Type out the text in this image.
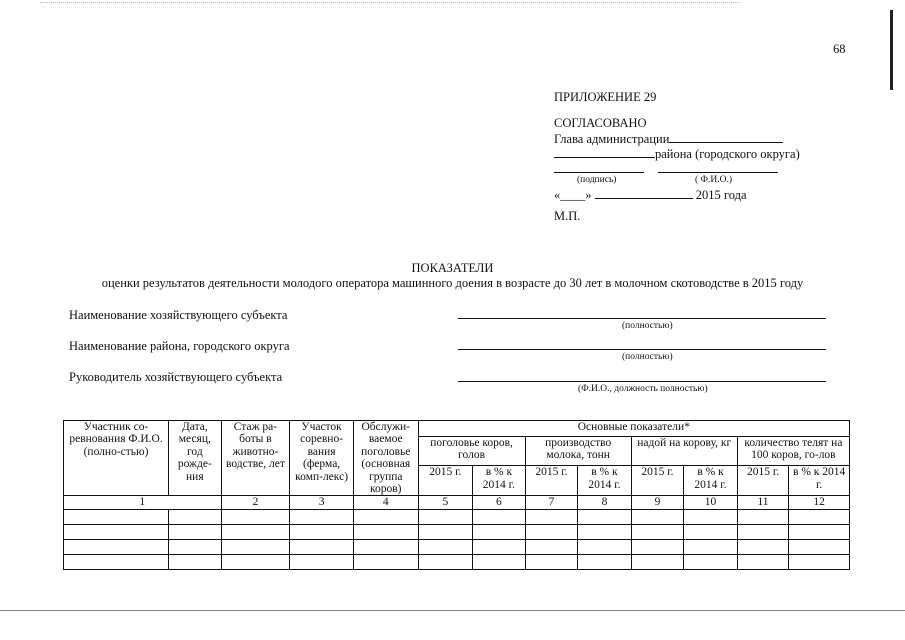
68
ПРИЛОЖЕНИЕ 29
СОГЛАСОВАНО
Глава администрации
района (городского округа)
(подпись)	( Ф.И.О.)
«____»	2015 года
М.П.
ПОКАЗАТЕЛИ
оценки результатов деятельности молодого оператора машинного доения в возрасте до 30 лет в молочном скотоводстве в 2015 году
Наименование хозяйствующего субъекта
(полностью)
Наименование района, городского округа
(полностью)
Руководитель хозяйствующего субъекта
(Ф.И.О., должность полностью)
Участник со-ревнования Ф.И.О. (полно-стью)	Дата, месяц, год рожде-ния	Стаж ра-боты в животно-водстве, лет	Участок соревно-вания (ферма, комп-лекс)	Обслужи-ваемое поголовье (основная группа коров)	Основные показатели*							
					поголовье коров, голов		производство молока, тонн		надой на корову, кг		количество телят на 100 коров, го-лов	
					2015 г.	в % к 2014 г.	2015 г.	в % к 2014 г.	2015 г.	в % к 2014 г.	2015 г.	в % к 2014 г.
1		2	3	4	5	6	7	8	9	10	11	12
